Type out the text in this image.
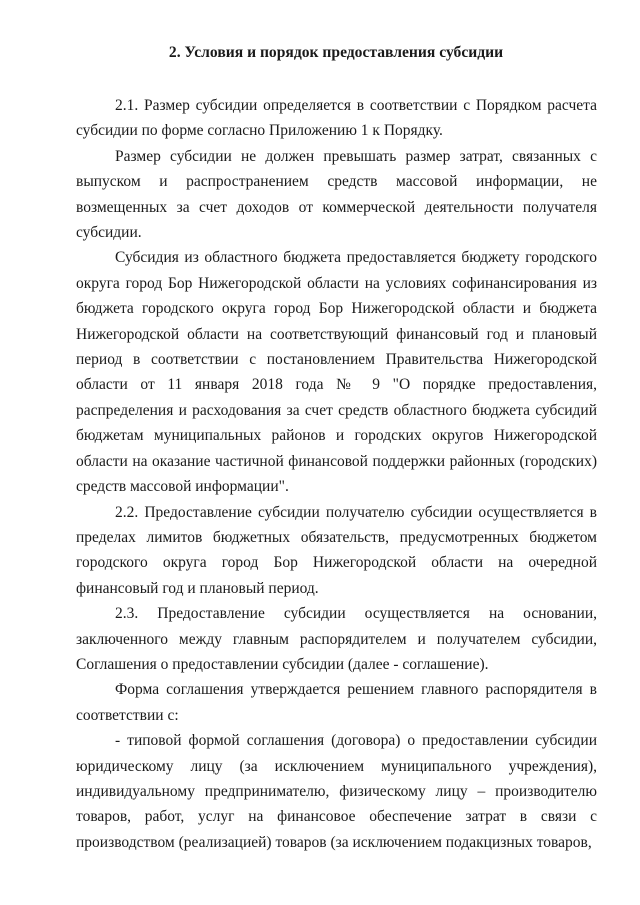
2. Условия и порядок предоставления субсидии

2.1. Размер субсидии определяется в соответствии с Порядком расчета субсидии по форме согласно Приложению 1 к Порядку.

Размер субсидии не должен превышать размер затрат, связанных с выпуском и распространением средств массовой информации, не возмещенных за счет доходов от коммерческой деятельности получателя субсидии.

Субсидия из областного бюджета предоставляется бюджету городского округа город Бор Нижегородской области на условиях софинансирования из бюджета городского округа город Бор Нижегородской области и бюджета Нижегородской области на соответствующий финансовый год и плановый период в соответствии с постановлением Правительства Нижегородской области от 11 января 2018 года № 9 "О порядке предоставления, распределения и расходования за счет средств областного бюджета субсидий бюджетам муниципальных районов и городских округов Нижегородской области на оказание частичной финансовой поддержки районных (городских) средств массовой информации".

2.2. Предоставление субсидии получателю субсидии осуществляется в пределах лимитов бюджетных обязательств, предусмотренных бюджетом городского округа город Бор Нижегородской области на очередной финансовый год и плановый период.

2.3. Предоставление субсидии осуществляется на основании, заключенного между главным распорядителем и получателем субсидии, Соглашения о предоставлении субсидии (далее - соглашение).

Форма соглашения утверждается решением главного распорядителя в соответствии с:

- типовой формой соглашения (договора) о предоставлении субсидии юридическому лицу (за исключением муниципального учреждения), индивидуальному предпринимателю, физическому лицу – производителю товаров, работ, услуг на финансовое обеспечение затрат в связи с производством (реализацией) товаров (за исключением подакцизных товаров,
